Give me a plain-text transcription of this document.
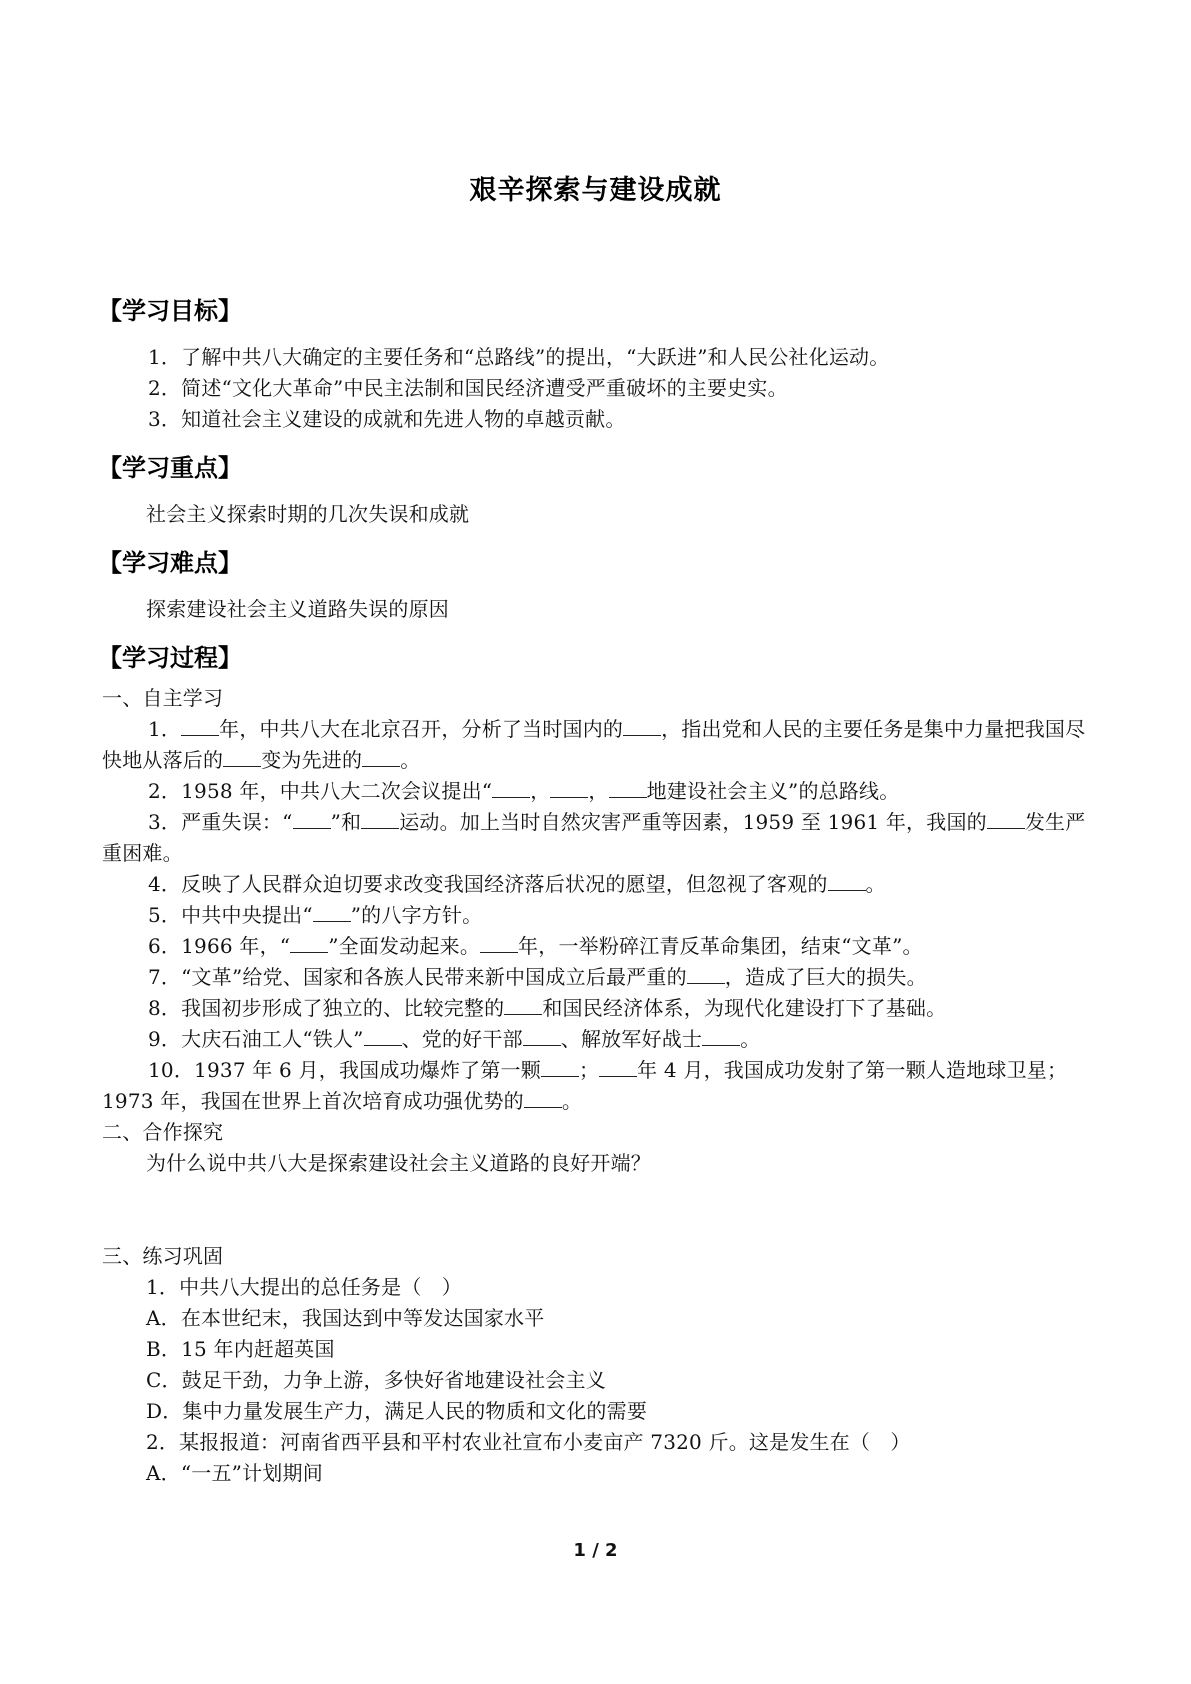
艰辛探索与建设成就
【学习目标】
1．了解中共八大确定的主要任务和“总路线”的提出，“大跃进”和人民公社化运动。
2．简述“文化大革命”中民主法制和国民经济遭受严重破坏的主要史实。
3．知道社会主义建设的成就和先进人物的卓越贡献。
【学习重点】
社会主义探索时期的几次失误和成就
【学习难点】
探索建设社会主义道路失误的原因
【学习过程】
一、自主学习
1． 年，中共八大在北京召开，分析了当时国内的 ，指出党和人民的主要任务是集中力量把我国尽快地从落后的 变为先进的 。
2．1958 年，中共八大二次会议提出“ ， ， 地建设社会主义”的总路线。
3．严重失误：“ ”和 运动。加上当时自然灾害严重等因素，1959 至 1961 年，我国的 发生严重困难。
4．反映了人民群众迫切要求改变我国经济落后状况的愿望，但忽视了客观的 。
5．中共中央提出“ ”的八字方针。
6．1966 年，“ ”全面发动起来。 年，一举粉碎江青反革命集团，结束“文革”。
7．“文革”给党、国家和各族人民带来新中国成立后最严重的 ，造成了巨大的损失。
8．我国初步形成了独立的、比较完整的 和国民经济体系，为现代化建设打下了基础。
9．大庆石油工人“铁人” 、党的好干部 、解放军好战士 。
10．1937 年 6 月，我国成功爆炸了第一颗 ； 年 4 月，我国成功发射了第一颗人造地球卫星；1973 年，我国在世界上首次培育成功强优势的 。
二、合作探究
为什么说中共八大是探索建设社会主义道路的良好开端？
三、练习巩固
1．中共八大提出的总任务是（　）
A．在本世纪末，我国达到中等发达国家水平
B．15 年内赶超英国
C．鼓足干劲，力争上游，多快好省地建设社会主义
D．集中力量发展生产力，满足人民的物质和文化的需要
2．某报报道：河南省西平县和平村农业社宣布小麦亩产 7320 斤。这是发生在（　）
A．“一五”计划期间
1 / 2
